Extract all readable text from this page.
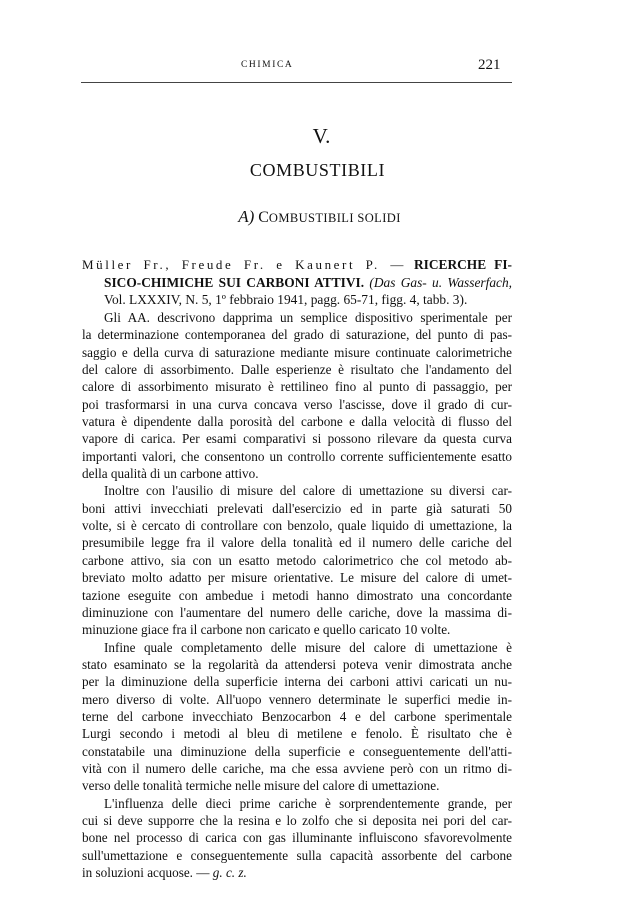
CHIMICA	221
V.
COMBUSTIBILI
A) COMBUSTIBILI SOLIDI
Müller Fr., Freude Fr. e Kaunert P. — RICERCHE FI-
SICO-CHIMICHE SUI CARBONI ATTIVI. (Das Gas- u. Wasserfach,
Vol. LXXXIV, N. 5, 1º febbraio 1941, pagg. 65-71, figg. 4, tabb. 3).
Gli AA. descrivono dapprima un semplice dispositivo sperimentale per
la determinazione contemporanea del grado di saturazione, del punto di pas-
saggio e della curva di saturazione mediante misure continuate calorimetriche
del calore di assorbimento. Dalle esperienze è risultato che l'andamento del
calore di assorbimento misurato è rettilineo fino al punto di passaggio, per
poi trasformarsi in una curva concava verso l'ascisse, dove il grado di cur-
vatura è dipendente dalla porosità del carbone e dalla velocità di flusso del
vapore di carica. Per esami comparativi si possono rilevare da questa curva
importanti valori, che consentono un controllo corrente sufficientemente esatto
della qualità di un carbone attivo.
Inoltre con l'ausilio di misure del calore di umettazione su diversi car-
boni attivi invecchiati prelevati dall'esercizio ed in parte già saturati 50
volte, si è cercato di controllare con benzolo, quale liquido di umettazione, la
presumibile legge fra il valore della tonalità ed il numero delle cariche del
carbone attivo, sia con un esatto metodo calorimetrico che col metodo ab-
breviato molto adatto per misure orientative. Le misure del calore di umet-
tazione eseguite con ambedue i metodi hanno dimostrato una concordante
diminuzione con l'aumentare del numero delle cariche, dove la massima di-
minuzione giace fra il carbone non caricato e quello caricato 10 volte.
Infine quale completamento delle misure del calore di umettazione è
stato esaminato se la regolarità da attendersi poteva venir dimostrata anche
per la diminuzione della superficie interna dei carboni attivi caricati un nu-
mero diverso di volte. All'uopo vennero determinate le superfici medie in-
terne del carbone invecchiato Benzocarbon 4 e del carbone sperimentale
Lurgi secondo i metodi al bleu di metilene e fenolo. È risultato che è
constatabile una diminuzione della superficie e conseguentemente dell'atti-
vità con il numero delle cariche, ma che essa avviene però con un ritmo di-
verso delle tonalità termiche nelle misure del calore di umettazione.
L'influenza delle dieci prime cariche è sorprendentemente grande, per
cui si deve supporre che la resina e lo zolfo che si deposita nei pori del car-
bone nel processo di carica con gas illuminante influiscono sfavorevolmente
sull'umettazione e conseguentemente sulla capacità assorbente del carbone
in soluzioni acquose. — g. c. z.
